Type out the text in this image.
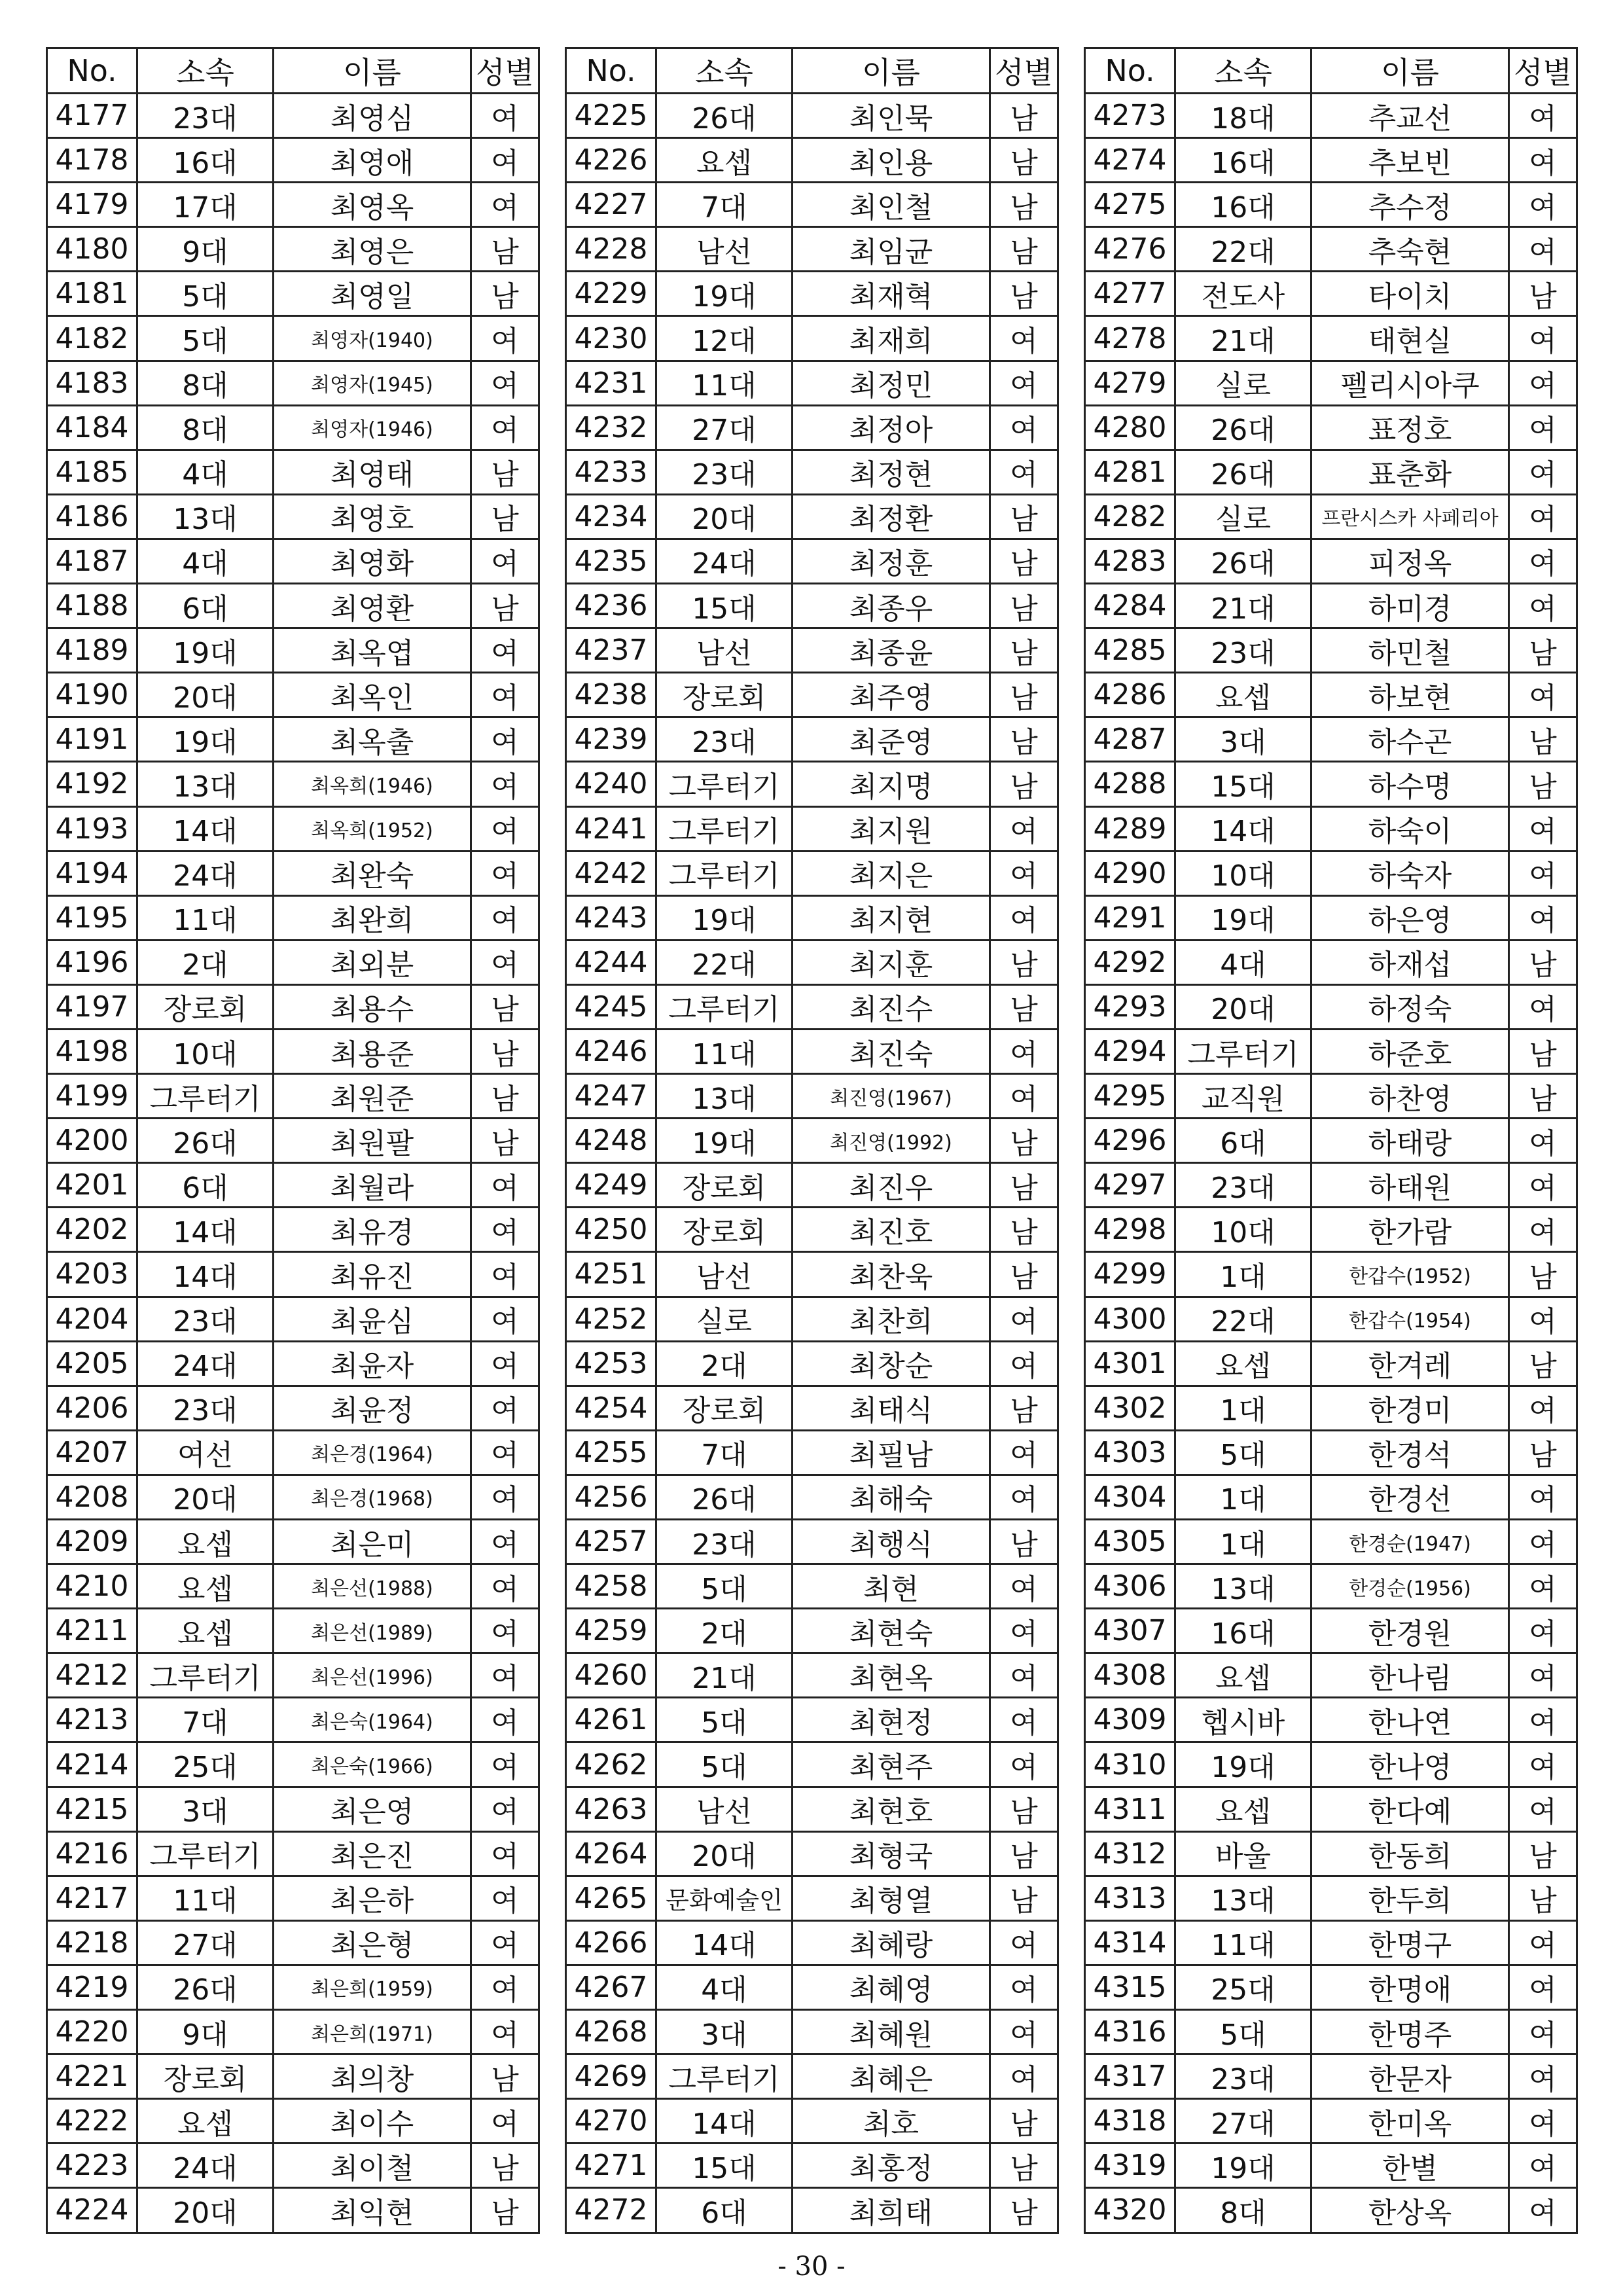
No.	소속	이름	성별
4177	23대	최영심	여
4178	16대	최영애	여
4179	17대	최영옥	여
4180	9대	최영은	남
4181	5대	최영일	남
4182	5대	최영자(1940)	여
4183	8대	최영자(1945)	여
4184	8대	최영자(1946)	여
4185	4대	최영태	남
4186	13대	최영호	남
4187	4대	최영화	여
4188	6대	최영환	남
4189	19대	최옥엽	여
4190	20대	최옥인	여
4191	19대	최옥출	여
4192	13대	최옥희(1946)	여
4193	14대	최옥희(1952)	여
4194	24대	최완숙	여
4195	11대	최완희	여
4196	2대	최외분	여
4197	장로회	최용수	남
4198	10대	최용준	남
4199	그루터기	최원준	남
4200	26대	최원팔	남
4201	6대	최월라	여
4202	14대	최유경	여
4203	14대	최유진	여
4204	23대	최윤심	여
4205	24대	최윤자	여
4206	23대	최윤정	여
4207	여선	최은경(1964)	여
4208	20대	최은경(1968)	여
4209	요셉	최은미	여
4210	요셉	최은선(1988)	여
4211	요셉	최은선(1989)	여
4212	그루터기	최은선(1996)	여
4213	7대	최은숙(1964)	여
4214	25대	최은숙(1966)	여
4215	3대	최은영	여
4216	그루터기	최은진	여
4217	11대	최은하	여
4218	27대	최은형	여
4219	26대	최은희(1959)	여
4220	9대	최은희(1971)	여
4221	장로회	최의창	남
4222	요셉	최이수	여
4223	24대	최이철	남
4224	20대	최익현	남
No.	소속	이름	성별
4225	26대	최인묵	남
4226	요셉	최인용	남
4227	7대	최인철	남
4228	남선	최임균	남
4229	19대	최재혁	남
4230	12대	최재희	여
4231	11대	최정민	여
4232	27대	최정아	여
4233	23대	최정현	여
4234	20대	최정환	남
4235	24대	최정훈	남
4236	15대	최종우	남
4237	남선	최종윤	남
4238	장로회	최주영	남
4239	23대	최준영	남
4240	그루터기	최지명	남
4241	그루터기	최지원	여
4242	그루터기	최지은	여
4243	19대	최지현	여
4244	22대	최지훈	남
4245	그루터기	최진수	남
4246	11대	최진숙	여
4247	13대	최진영(1967)	여
4248	19대	최진영(1992)	남
4249	장로회	최진우	남
4250	장로회	최진호	남
4251	남선	최찬욱	남
4252	실로	최찬희	여
4253	2대	최창순	여
4254	장로회	최태식	남
4255	7대	최필남	여
4256	26대	최해숙	여
4257	23대	최행식	남
4258	5대	최현	여
4259	2대	최현숙	여
4260	21대	최현옥	여
4261	5대	최현정	여
4262	5대	최현주	여
4263	남선	최현호	남
4264	20대	최형국	남
4265	문화예술인	최형열	남
4266	14대	최혜랑	여
4267	4대	최혜영	여
4268	3대	최혜원	여
4269	그루터기	최혜은	여
4270	14대	최호	남
4271	15대	최홍정	남
4272	6대	최희태	남
No.	소속	이름	성별
4273	18대	추교선	여
4274	16대	추보빈	여
4275	16대	추수정	여
4276	22대	추숙현	여
4277	전도사	타이치	남
4278	21대	태현실	여
4279	실로	펠리시아쿠	여
4280	26대	표정호	여
4281	26대	표춘화	여
4282	실로	프란시스카 사페리아	여
4283	26대	피정옥	여
4284	21대	하미경	여
4285	23대	하민철	남
4286	요셉	하보현	여
4287	3대	하수곤	남
4288	15대	하수명	남
4289	14대	하숙이	여
4290	10대	하숙자	여
4291	19대	하은영	여
4292	4대	하재섭	남
4293	20대	하정숙	여
4294	그루터기	하준호	남
4295	교직원	하찬영	남
4296	6대	하태랑	여
4297	23대	하태원	여
4298	10대	한가람	여
4299	1대	한갑수(1952)	남
4300	22대	한갑수(1954)	여
4301	요셉	한겨레	남
4302	1대	한경미	여
4303	5대	한경석	남
4304	1대	한경선	여
4305	1대	한경순(1947)	여
4306	13대	한경순(1956)	여
4307	16대	한경원	여
4308	요셉	한나림	여
4309	헵시바	한나연	여
4310	19대	한나영	여
4311	요셉	한다예	여
4312	바울	한동희	남
4313	13대	한두희	남
4314	11대	한명구	여
4315	25대	한명애	여
4316	5대	한명주	여
4317	23대	한문자	여
4318	27대	한미옥	여
4319	19대	한별	여
4320	8대	한상옥	여
- 30 -
